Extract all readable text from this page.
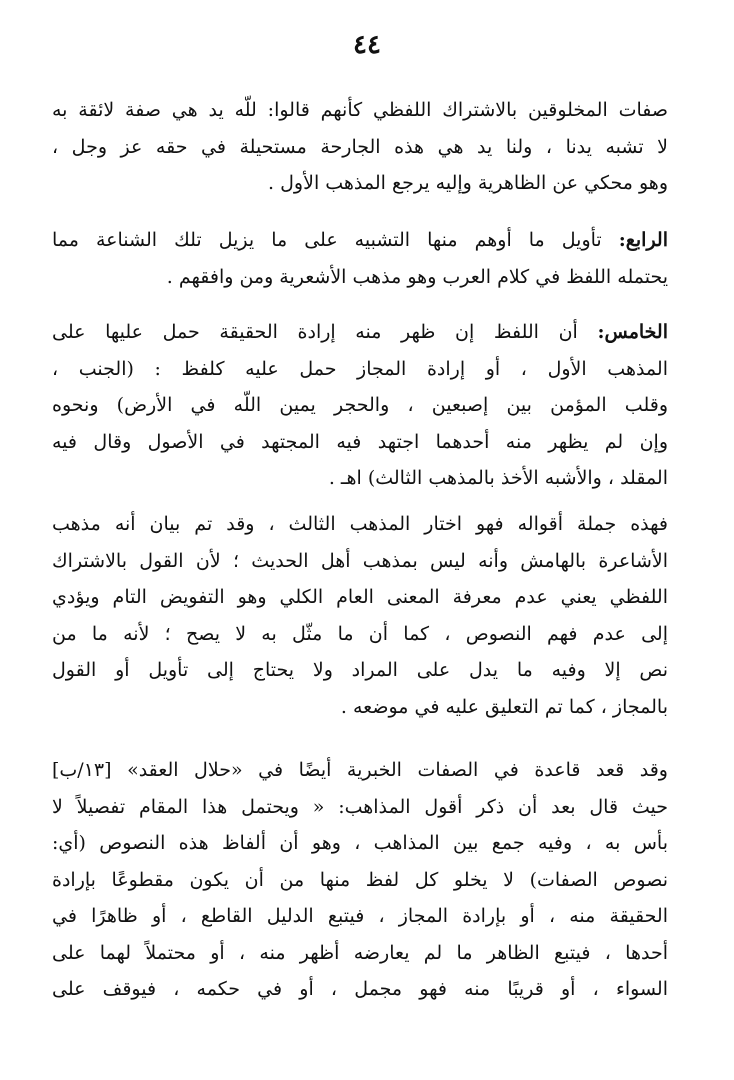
٤٤
صفات المخلوقين بالاشتراك اللفظي كأنهم قالوا: للّه يد هي صفة لائقة به
لا تشبه يدنا ، ولنا يد هي هذه الجارحة مستحيلة في حقه عز وجل ،
وهو محكي عن الظاهرية وإليه يرجع المذهب الأول .
الرابع: تأويل ما أوهم منها التشبيه على ما يزيل تلك الشناعة مما
يحتمله اللفظ في كلام العرب وهو مذهب الأشعرية ومن وافقهم .
الخامس: أن اللفظ إن ظهر منه إرادة الحقيقة حمل عليها على
المذهب الأول ، أو إرادة المجاز حمل عليه كلفظ : (الجنب ،
وقلب المؤمن بين إصبعين ، والحجر يمين اللّه في الأرض) ونحوه
وإن لم يظهر منه أحدهما اجتهد فيه المجتهد في الأصول وقال فيه
المقلد ، والأشبه الأخذ بالمذهب الثالث) اهـ .
فهذه جملة أقواله فهو اختار المذهب الثالث ، وقد تم بيان أنه مذهب
الأشاعرة بالهامش وأنه ليس بمذهب أهل الحديث ؛ لأن القول بالاشتراك
اللفظي يعني عدم معرفة المعنى العام الكلي وهو التفويض التام ويؤدي
إلى عدم فهم النصوص ، كما أن ما مثّل به لا يصح ؛ لأنه ما من
نص إلا وفيه ما يدل على المراد ولا يحتاج إلى تأويل أو القول
بالمجاز ، كما تم التعليق عليه في موضعه .
وقد قعد قاعدة في الصفات الخبرية أيضًا في «حلال العقد» [١٣/ب]
حيث قال بعد أن ذكر أقول المذاهب: « ويحتمل هذا المقام تفصيلاً لا
بأس به ، وفيه جمع بين المذاهب ، وهو أن ألفاظ هذه النصوص (أي:
نصوص الصفات) لا يخلو كل لفظ منها من أن يكون مقطوعًا بإرادة
الحقيقة منه ، أو بإرادة المجاز ، فيتبع الدليل القاطع ، أو ظاهرًا في
أحدها ، فيتبع الظاهر ما لم يعارضه أظهر منه ، أو محتملاً لهما على
السواء ، أو قريبًا منه فهو مجمل ، أو في حكمه ، فيوقف على
